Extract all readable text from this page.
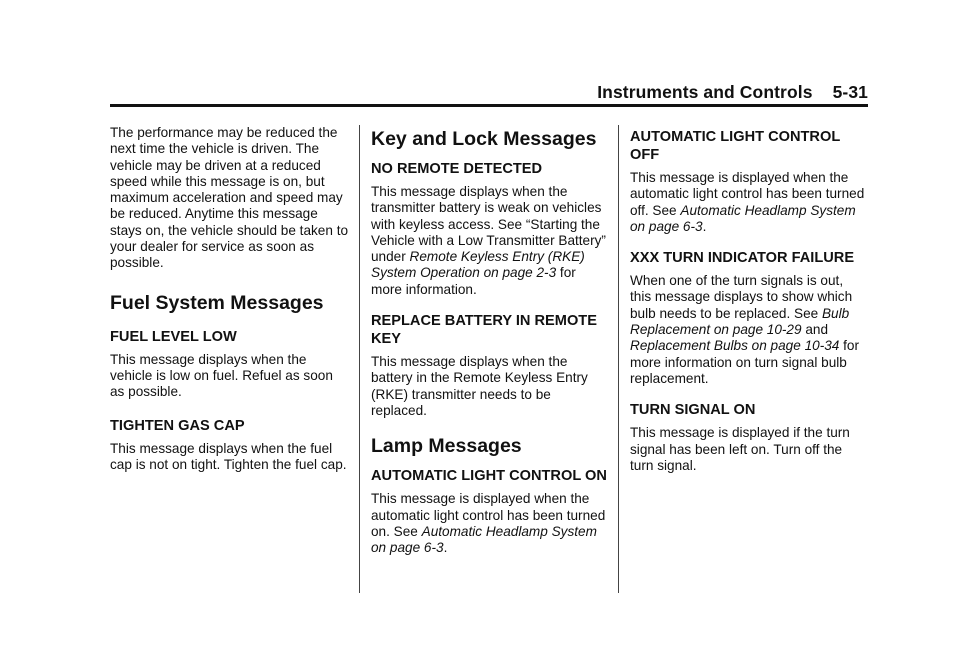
Instruments and Controls 5-31

The performance may be reduced the next time the vehicle is driven. The vehicle may be driven at a reduced speed while this message is on, but maximum acceleration and speed may be reduced. Anytime this message stays on, the vehicle should be taken to your dealer for service as soon as possible.

Fuel System Messages
FUEL LEVEL LOW

This message displays when the vehicle is low on fuel. Refuel as soon as possible.

TIGHTEN GAS CAP

This message displays when the fuel cap is not on tight. Tighten the fuel cap.

Key and Lock Messages
NO REMOTE DETECTED

This message displays when the transmitter battery is weak on vehicles with keyless access. See “Starting the Vehicle with a Low Transmitter Battery” under Remote Keyless Entry (RKE) System Operation on page 2-3 for more information.

REPLACE BATTERY IN REMOTE KEY

This message displays when the battery in the Remote Keyless Entry (RKE) transmitter needs to be replaced.

Lamp Messages
AUTOMATIC LIGHT CONTROL ON

This message is displayed when the automatic light control has been turned on. See Automatic Headlamp System on page 6-3.

AUTOMATIC LIGHT CONTROL OFF

This message is displayed when the automatic light control has been turned off. See Automatic Headlamp System on page 6-3.

XXX TURN INDICATOR FAILURE

When one of the turn signals is out, this message displays to show which bulb needs to be replaced. See Bulb Replacement on page 10-29 and Replacement Bulbs on page 10-34 for more information on turn signal bulb replacement.

TURN SIGNAL ON

This message is displayed if the turn signal has been left on. Turn off the turn signal.
